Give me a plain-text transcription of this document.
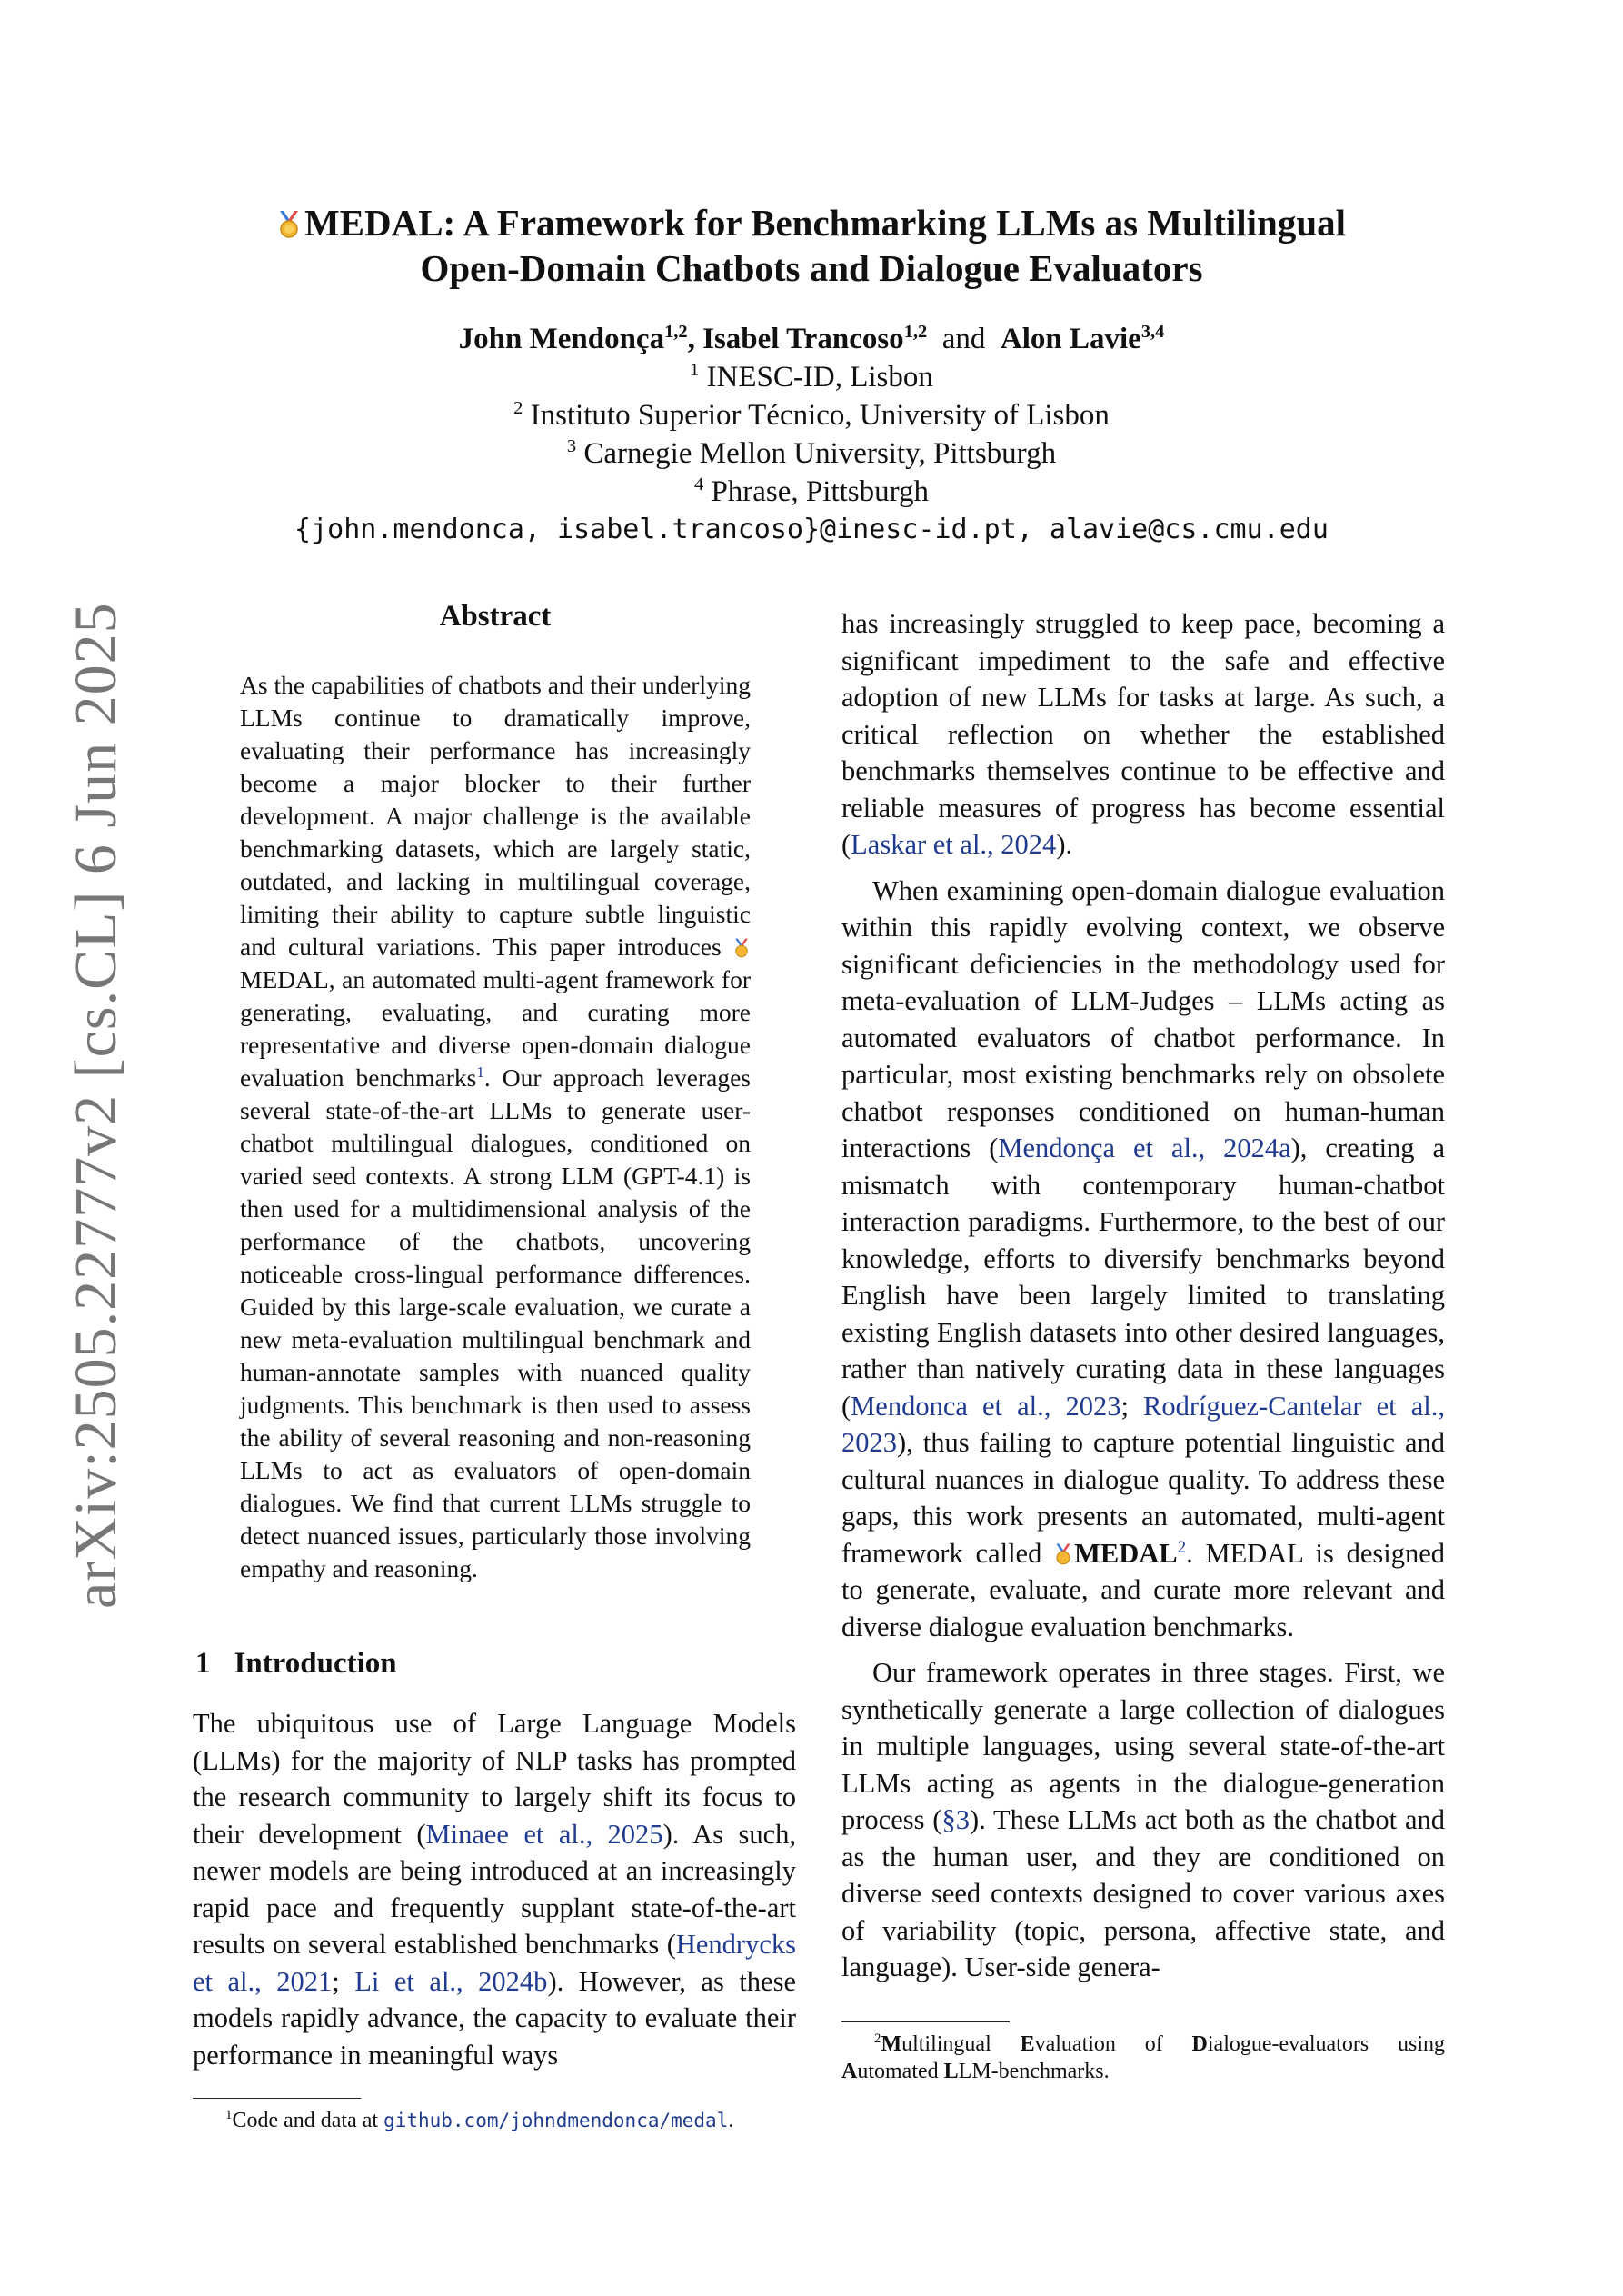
arXiv:2505.22777v2 [cs.CL] 6 Jun 2025
MEDAL: A Framework for Benchmarking LLMs as Multilingual
Open-Domain Chatbots and Dialogue Evaluators
John Mendonça$^{1,2}$, Isabel Trancoso$^{1,2}$ and Alon Lavie$^{3,4}$
$^1$ INESC-ID, Lisbon
$^2$ Instituto Superior Técnico, University of Lisbon
$^3$ Carnegie Mellon University, Pittsburgh
$^4$ Phrase, Pittsburgh
{john.mendonca, isabel.trancoso}@inesc-id.pt, alavie@cs.cmu.edu
Abstract
As the capabilities of chatbots and their underlying LLMs continue to dramatically improve, evaluating their performance has increasingly become a major blocker to their further development. A major challenge is the available benchmarking datasets, which are largely static, outdated, and lacking in multilingual coverage, limiting their ability to capture subtle linguistic and cultural variations. This paper introduces MEDAL, an automated multi-agent framework for generating, evaluating, and curating more representative and diverse open-domain dialogue evaluation benchmarks$^1$. Our approach leverages several state-of-the-art LLMs to generate user-chatbot multilingual dialogues, conditioned on varied seed contexts. A strong LLM (GPT-4.1) is then used for a multidimensional analysis of the performance of the chatbots, uncovering noticeable cross-lingual performance differences. Guided by this large-scale evaluation, we curate a new meta-evaluation multilingual benchmark and human-annotate samples with nuanced quality judgments. This benchmark is then used to assess the ability of several reasoning and non-reasoning LLMs to act as evaluators of open-domain dialogues. We find that current LLMs struggle to detect nuanced issues, particularly those involving empathy and reasoning.
1 Introduction

The ubiquitous use of Large Language Models (LLMs) for the majority of NLP tasks has prompted the research community to largely shift its focus to their development (Minaee et al., 2025). As such, newer models are being introduced at an increasingly rapid pace and frequently supplant state-of-the-art results on several established benchmarks (Hendrycks et al., 2021; Li et al., 2024b). However, as these models rapidly advance, the capacity to evaluate their performance in meaningful ways

$^1$Code and data at github.com/johndmendonca/medal.

has increasingly struggled to keep pace, becoming a significant impediment to the safe and effective adoption of new LLMs for tasks at large. As such, a critical reflection on whether the established benchmarks themselves continue to be effective and reliable measures of progress has become essential (Laskar et al., 2024).

When examining open-domain dialogue evaluation within this rapidly evolving context, we observe significant deficiencies in the methodology used for meta-evaluation of LLM-Judges – LLMs acting as automated evaluators of chatbot performance. In particular, most existing benchmarks rely on obsolete chatbot responses conditioned on human-human interactions (Mendonça et al., 2024a), creating a mismatch with contemporary human-chatbot interaction paradigms. Furthermore, to the best of our knowledge, efforts to diversify benchmarks beyond English have been largely limited to translating existing English datasets into other desired languages, rather than natively curating data in these languages (Mendonca et al., 2023; Rodríguez-Cantelar et al., 2023), thus failing to capture potential linguistic and cultural nuances in dialogue quality. To address these gaps, this work presents an automated, multi-agent framework called MEDAL$^2$. MEDAL is designed to generate, evaluate, and curate more relevant and diverse dialogue evaluation benchmarks.

Our framework operates in three stages. First, we synthetically generate a large collection of dialogues in multiple languages, using several state-of-the-art LLMs acting as agents in the dialogue-generation process (§3). These LLMs act both as the chatbot and as the human user, and they are conditioned on diverse seed contexts designed to cover various axes of variability (topic, persona, affective state, and language). User-side genera-

$^2$Multilingual Evaluation of Dialogue-evaluators using Automated LLM-benchmarks.
